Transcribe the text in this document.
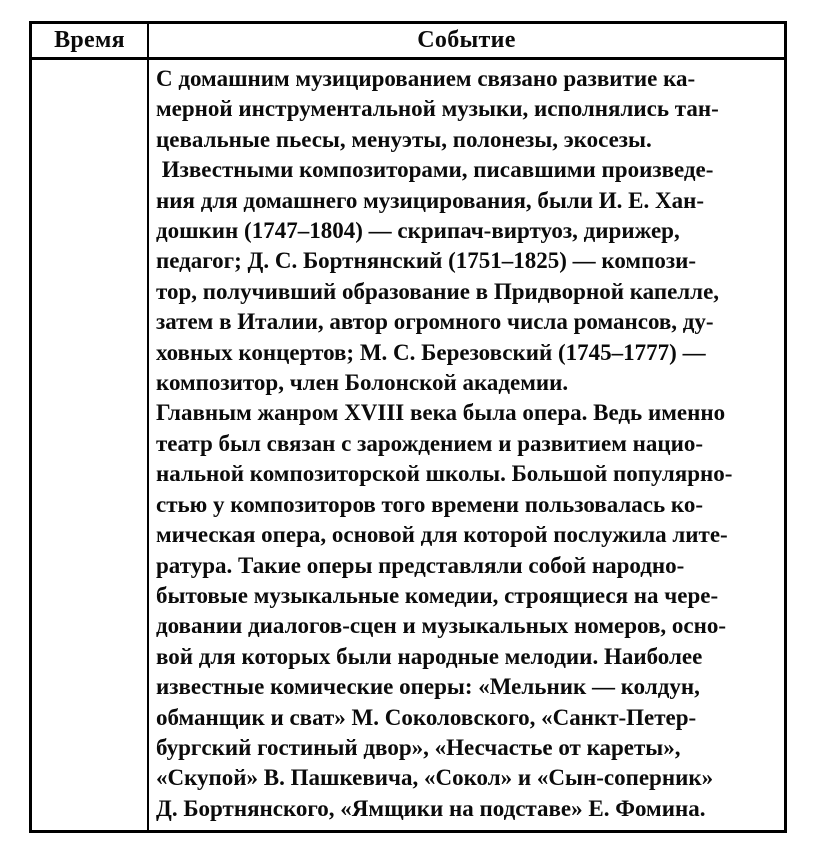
Время	Событие
С домашним музицированием связано развитие ка-
мерной инструментальной музыки, исполнялись тан-
цевальные пьесы, менуэты, полонезы, экосезы.
Известными композиторами, писавшими произведе-
ния для домашнего музицирования, были И. Е. Хан-
дошкин (1747–1804) — скрипач-виртуоз, дирижер,
педагог; Д. С. Бортнянский (1751–1825) — компози-
тор, получивший образование в Придворной капелле,
затем в Италии, автор огромного числа романсов, ду-
ховных концертов; М. С. Березовский (1745–1777) —
композитор, член Болонской академии.
Главным жанром XVIII века была опера. Ведь именно
театр был связан с зарождением и развитием нацио-
нальной композиторской школы. Большой популярно-
стью у композиторов того времени пользовалась ко-
мическая опера, основой для которой послужила лите-
ратура. Такие оперы представляли собой народно-
бытовые музыкальные комедии, строящиеся на чере-
довании диалогов-сцен и музыкальных номеров, осно-
вой для которых были народные мелодии. Наиболее
известные комические оперы: «Мельник — колдун,
обманщик и сват» М. Соколовского, «Санкт-Петер-
бургский гостиный двор», «Несчастье от кареты»,
«Скупой» В. Пашкевича, «Сокол» и «Сын-соперник»
Д. Бортнянского, «Ямщики на подставе» Е. Фомина.
